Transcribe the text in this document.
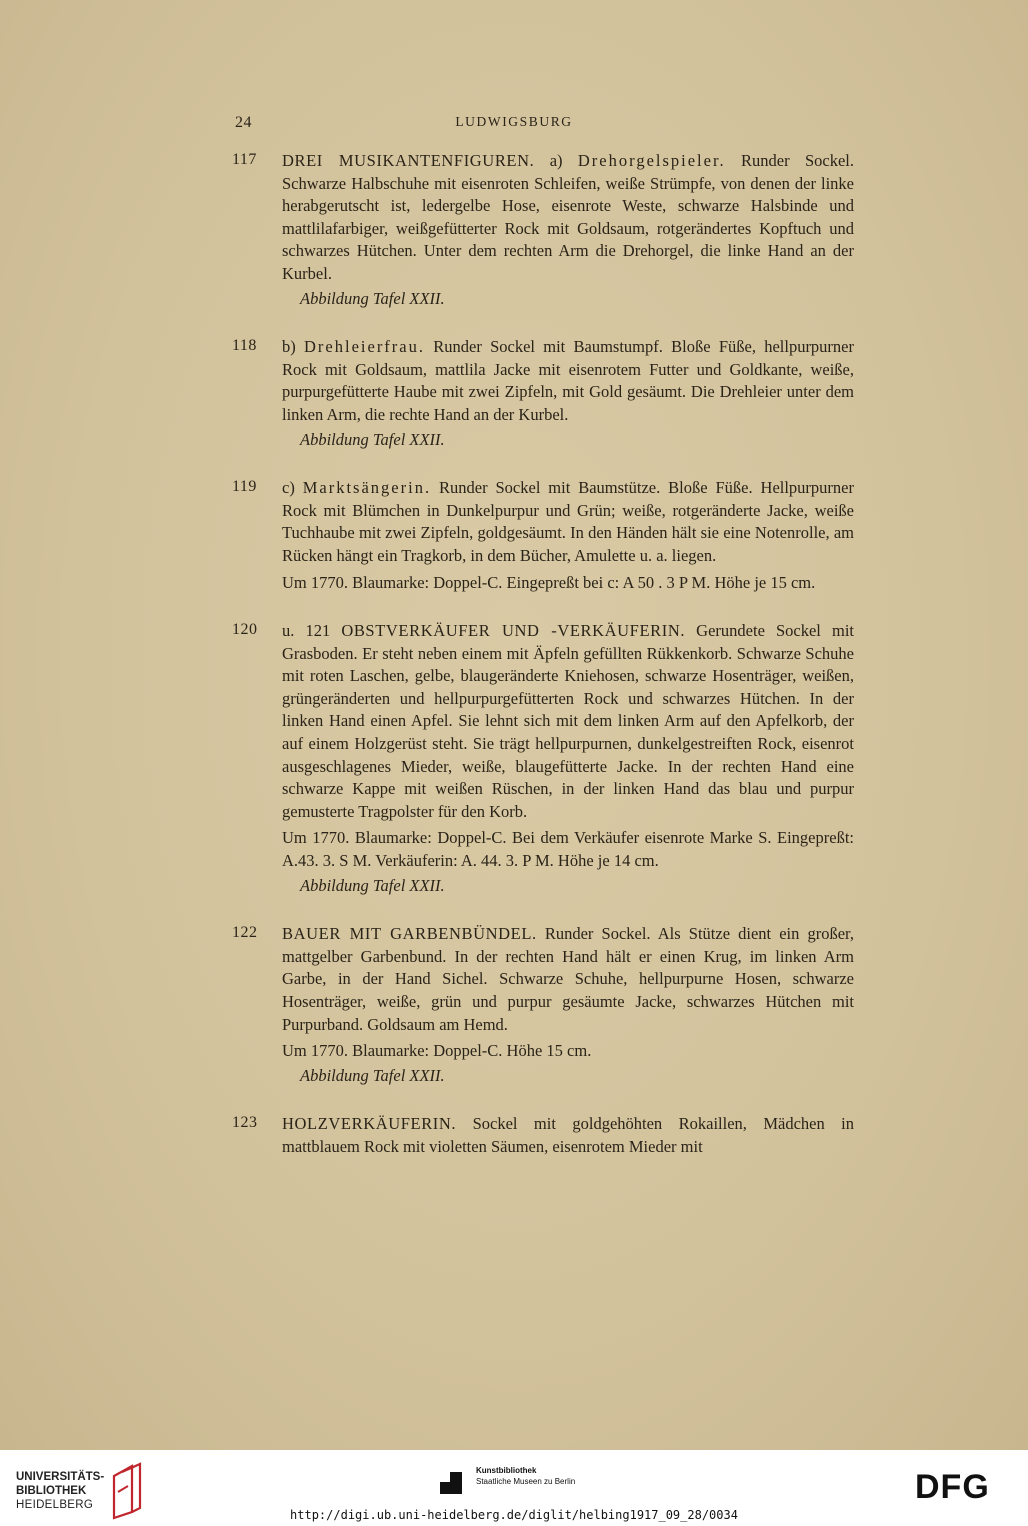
24	LUDWIGSBURG
117 DREI MUSIKANTENFIGUREN. a) Drehorgelspieler. Runder Sockel. Schwarze Halbschuhe mit eisenroten Schleifen, weiße Strümpfe, von denen der linke herabgerutscht ist, ledergelbe Hose, eisenrote Weste, schwarze Halsbinde und mattlilafarbiger, weißgefütterter Rock mit Goldsaum, rotgerändertes Kopftuch und schwarzes Hütchen. Unter dem rechten Arm die Drehorgel, die linke Hand an der Kurbel.

Abbildung Tafel XXII.
118 b) Drehleierfrau. Runder Sockel mit Baumstumpf. Bloße Füße, hellpurpurner Rock mit Goldsaum, mattlila Jacke mit eisenrotem Futter und Goldkante, weiße, purpurgefütterte Haube mit zwei Zipfeln, mit Gold gesäumt. Die Drehleier unter dem linken Arm, die rechte Hand an der Kurbel.

Abbildung Tafel XXII.
119 c) Marktsängerin. Runder Sockel mit Baumstütze. Bloße Füße. Hellpurpurner Rock mit Blümchen in Dunkelpurpur und Grün; weiße, rotgeränderte Jacke, weiße Tuchhaube mit zwei Zipfeln, goldgesäumt. In den Händen hält sie eine Notenrolle, am Rücken hängt ein Tragkorb, in dem Bücher, Amulette u. a. liegen.

Um 1770. Blaumarke: Doppel-C. Eingepreßt bei c: A 50 . 3 P M. Höhe je 15 cm.

120 u. 121 OBSTVERKÄUFER UND -VERKÄUFERIN. Gerundete Sockel mit Grasboden. Er steht neben einem mit Äpfeln gefüllten Rükkenkorb. Schwarze Schuhe mit roten Laschen, gelbe, blaugeränderte Kniehosen, schwarze Hosenträger, weißen, grüngeränderten und hellpurpurgefütterten Rock und schwarzes Hütchen. In der linken Hand einen Apfel. Sie lehnt sich mit dem linken Arm auf den Apfelkorb, der auf einem Holzgerüst steht. Sie trägt hellpurpurnen, dunkelgestreiften Rock, eisenrot ausgeschlagenes Mieder, weiße, blaugefütterte Jacke. In der rechten Hand eine schwarze Kappe mit weißen Rüschen, in der linken Hand das blau und purpur gemusterte Tragpolster für den Korb.

Um 1770. Blaumarke: Doppel-C. Bei dem Verkäufer eisenrote Marke S. Eingepreßt: A.43. 3. S M. Verkäuferin: A. 44. 3. P M. Höhe je 14 cm.

Abbildung Tafel XXII.
122 BAUER MIT GARBENBÜNDEL. Runder Sockel. Als Stütze dient ein großer, mattgelber Garbenbund. In der rechten Hand hält er einen Krug, im linken Arm Garbe, in der Hand Sichel. Schwarze Schuhe, hellpurpurne Hosen, schwarze Hosenträger, weiße, grün und purpur gesäumte Jacke, schwarzes Hütchen mit Purpurband. Goldsaum am Hemd.

Um 1770. Blaumarke: Doppel-C. Höhe 15 cm.

Abbildung Tafel XXII.
123 HOLZVERKÄUFERIN. Sockel mit goldgehöhten Rokaillen, Mädchen in mattblauem Rock mit violetten Säumen, eisenrotem Mieder mit

UNIVERSITÄTS-
BIBLIOTHEK
HEIDELBERG
Kunstbibliothek
Staatliche Museen zu Berlin	DFG
http://digi.ub.uni-heidelberg.de/diglit/helbing1917_09_28/0034
